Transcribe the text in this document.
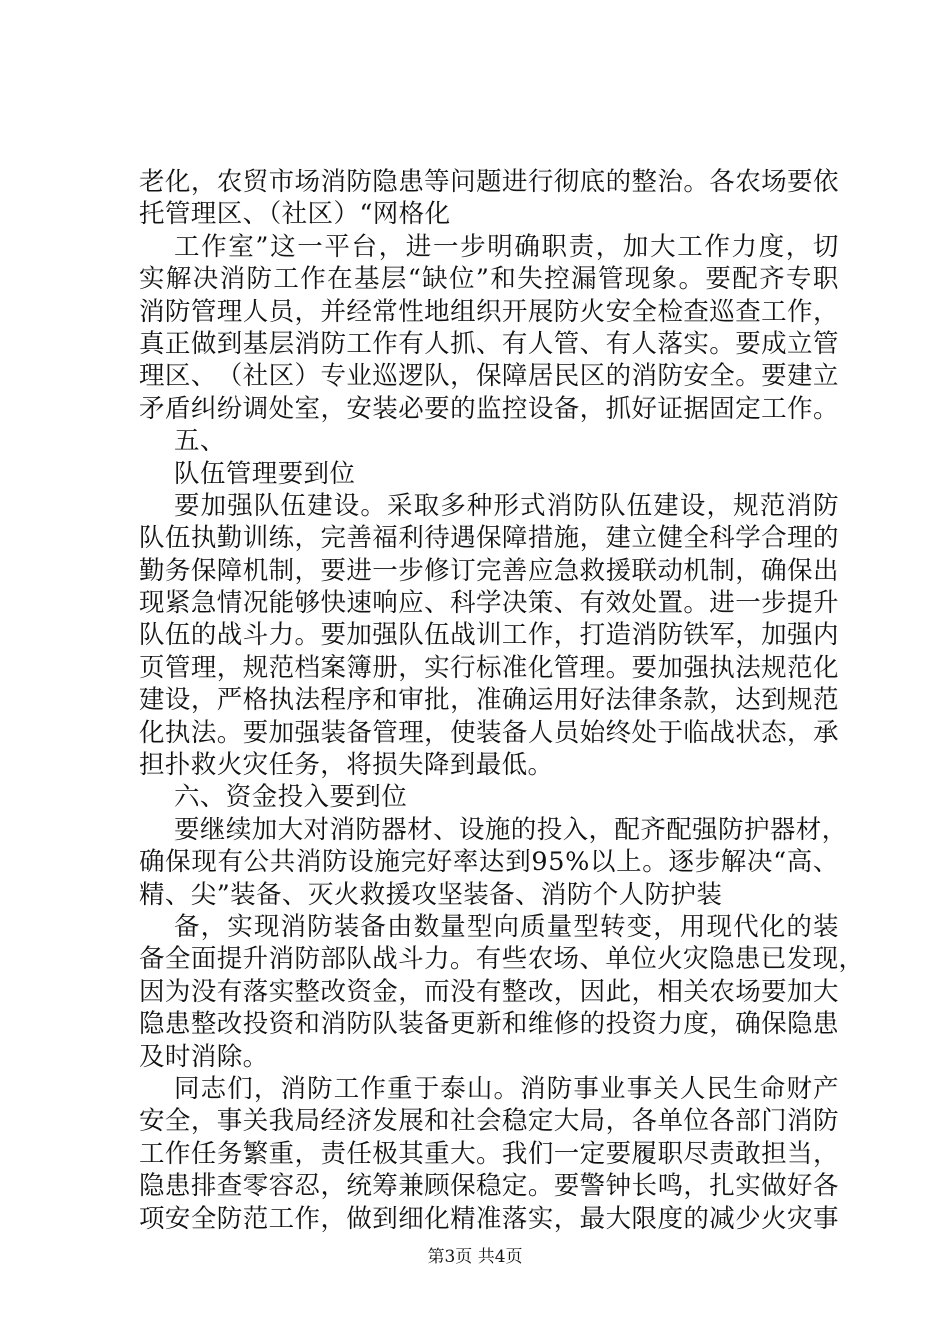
老 化 ， 农 贸 市 场 消 防 隐 患 等 问 题 进 行 彻 底 的 整 治 。 各 农 场 要 依
托管理区、（社区）“网格化
工 作 室 ” 这 一 平 台 ， 进 一 步 明 确 职 责 ， 加 大 工 作 力 度 ， 切
实 解 决 消 防 工 作 在 基 层 “ 缺 位 ” 和 失 控 漏 管 现 象 。 要 配 齐 专 职
消 防 管 理 人 员 ， 并 经 常 性 地 组 织 开 展 防 火 安 全 检 查 巡 查 工 作 ，
真 正 做 到 基 层 消 防 工 作 有 人 抓 、 有 人 管 、 有 人 落 实 。 要 成 立 管
理 区 、 （ 社 区 ） 专 业 巡 逻 队 ， 保 障 居 民 区 的 消 防 安 全 。 要 建 立
矛 盾 纠 纷 调 处 室 ， 安 装 必 要 的 监 控 设 备 ， 抓 好 证 据 固 定 工 作 。
五、
队伍管理要到位
要 加 强 队 伍 建 设 。 采 取 多 种 形 式 消 防 队 伍 建 设 ， 规 范 消 防
队 伍 执 勤 训 练 ， 完 善 福 利 待 遇 保 障 措 施 ， 建 立 健 全 科 学 合 理 的
勤 务 保 障 机 制 ， 要 进 一 步 修 订 完 善 应 急 救 援 联 动 机 制 ， 确 保 出
现 紧 急 情 况 能 够 快 速 响 应 、 科 学 决 策 、 有 效 处 置 。 进 一 步 提 升
队 伍 的 战 斗 力 。 要 加 强 队 伍 战 训 工 作 ， 打 造 消 防 铁 军 ， 加 强 内
页 管 理 ， 规 范 档 案 簿 册 ， 实 行 标 准 化 管 理 。 要 加 强 执 法 规 范 化
建 设 ， 严 格 执 法 程 序 和 审 批 ， 准 确 运 用 好 法 律 条 款 ， 达 到 规 范
化 执 法 。 要 加 强 装 备 管 理 ， 使 装 备 人 员 始 终 处 于 临 战 状 态 ， 承
担扑救火灾任务，将损失降到最低。
六、资金投入要到位
要 继 续 加 大 对 消 防 器 材 、 设 施 的 投 入 ， 配 齐 配 强 防 护 器 材 ，
确 保 现 有 公 共 消 防 设 施 完 好 率 达 到 9 5 % 以 上 。 逐 步 解 决 “ 高 、
精、尖”装备、灭火救援攻坚装备、消防个人防护装
备 ， 实 现 消 防 装 备 由 数 量 型 向 质 量 型 转 变 ， 用 现 代 化 的 装
备 全 面 提 升 消 防 部 队 战 斗 力 。 有 些 农 场 、 单 位 火 灾 隐 患 已 发 现 ，
因 为 没 有 落 实 整 改 资 金 ， 而 没 有 整 改 ， 因 此 ， 相 关 农 场 要 加 大
隐 患 整 改 投 资 和 消 防 队 装 备 更 新 和 维 修 的 投 资 力 度 ， 确 保 隐 患
及时消除。
同 志 们 ， 消 防 工 作 重 于 泰 山 。 消 防 事 业 事 关 人 民 生 命 财 产
安 全 ， 事 关 我 局 经 济 发 展 和 社 会 稳 定 大 局 ， 各 单 位 各 部 门 消 防
工 作 任 务 繁 重 ， 责 任 极 其 重 大 。 我 们 一 定 要 履 职 尽 责 敢 担 当 ，
隐 患 排 查 零 容 忍 ， 统 筹 兼 顾 保 稳 定 。 要 警 钟 长 鸣 ， 扎 实 做 好 各
项 安 全 防 范 工 作 ， 做 到 细 化 精 准 落 实 ， 最 大 限 度 的 减 少 火 灾 事
第3页 共4页
